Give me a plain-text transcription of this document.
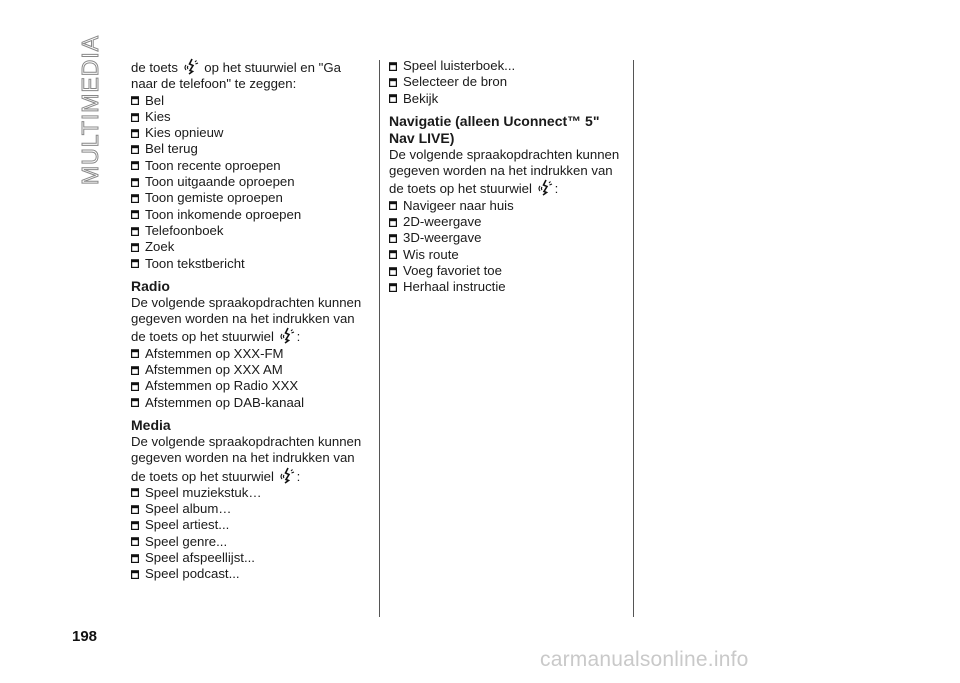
MULTIMEDIA de toets op het stuurwiel en "Ga naar de telefoon" te zeggen:

Bel
Kies
Kies opnieuw
Bel terug
Toon recente oproepen
Toon uitgaande oproepen
Toon gemiste oproepen
Toon inkomende oproepen
Telefoonboek
Zoek
Toon tekstbericht

Radio

De volgende spraakopdrachten kunnen gegeven worden na het indrukken van de toets op het stuurwiel :

Afstemmen op XXX-FM
Afstemmen op XXX AM
Afstemmen op Radio XXX
Afstemmen op DAB-kanaal

Media

De volgende spraakopdrachten kunnen gegeven worden na het indrukken van de toets op het stuurwiel :

Speel muziekstuk…
Speel album…
Speel artiest...
Speel genre...
Speel afspeellijst...
Speel podcast...
Speel luisterboek...
Selecteer de bron
Bekijk

Navigatie (alleen Uconnect™ 5" Nav LIVE)

De volgende spraakopdrachten kunnen gegeven worden na het indrukken van de toets op het stuurwiel :

Navigeer naar huis
2D-weergave
3D-weergave
Wis route
Voeg favoriet toe
Herhaal instructie
198
carmanualsonline.info
